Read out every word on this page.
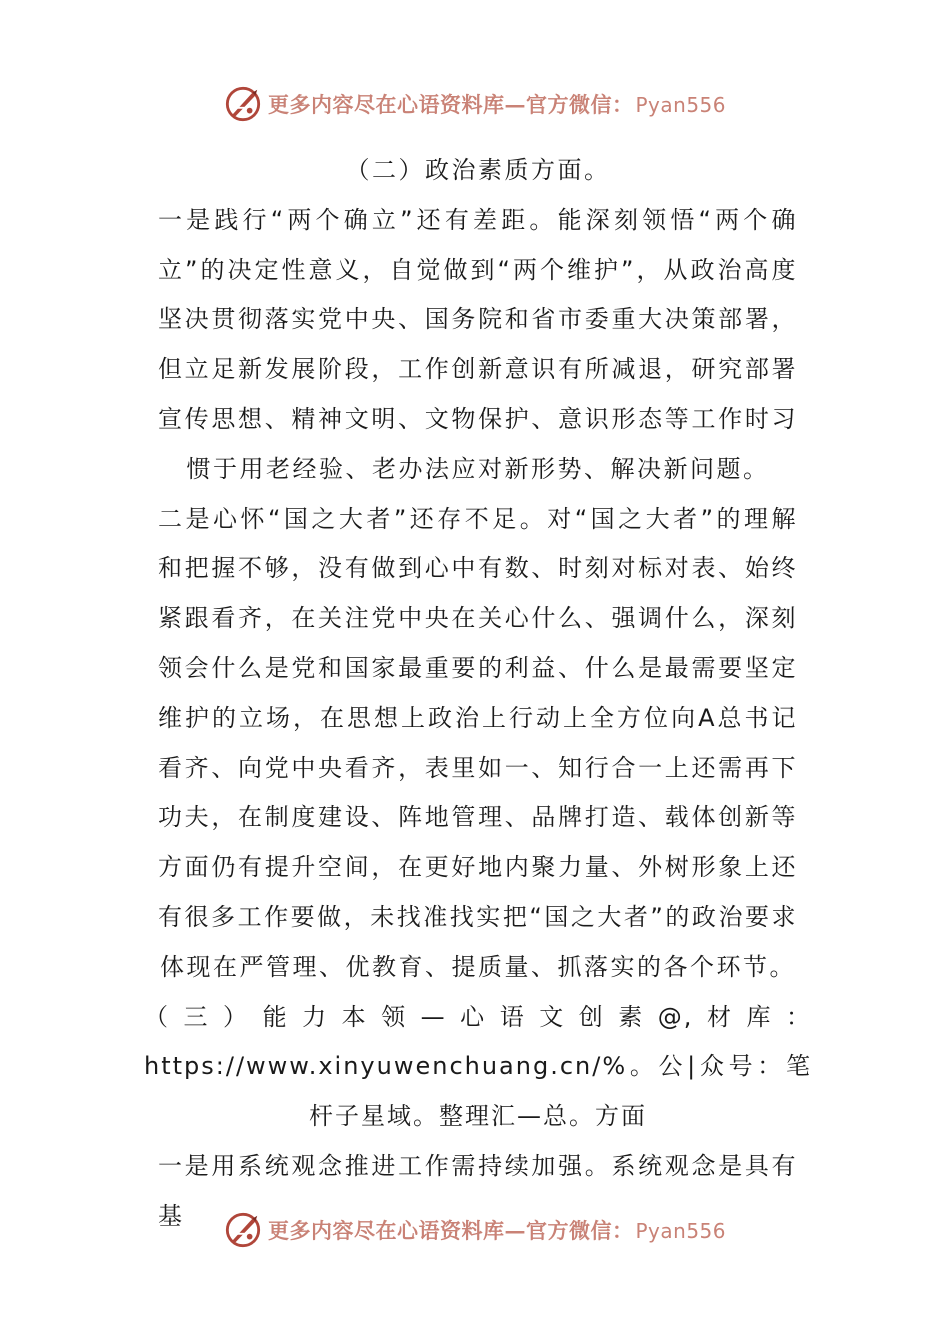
更多内容尽在心语资料库—官方微信： Pyan556

（二）政治素质方面。

一是践行“两个确立”还有差距。能深刻领悟“两个确立”的决定性意义，自觉做到“两个维护”，从政治高度坚决贯彻落实党中央、国务院和省市委重大决策部署，但立足新发展阶段，工作创新意识有所减退，研究部署宣传思想、精神文明、文物保护、意识形态等工作时习惯于用老经验、老办法应对新形势、解决新问题。

二是心怀“国之大者”还存不足。对“国之大者”的理解和把握不够，没有做到心中有数、时刻对标对表、始终紧跟看齐，在关注党中央在关心什么、强调什么，深刻领会什么是党和国家最重要的利益、什么是最需要坚定维护的立场，在思想上政治上行动上全方位向A总书记看齐、向党中央看齐，表里如一、知行合一上还需再下功夫，在制度建设、阵地管理、品牌打造、载体创新等方面仍有提升空间，在更好地内聚力量、外树形象上还有很多工作要做，未找准找实把“国之大者”的政治要求体现在严管理、优教育、提质量、抓落实的各个环节。

（三）能力本领—心语文创素@,材库：https://www.xinyuwenchuang.cn/%。公|众号：笔杆子星域。整理汇—总。方面

一是用系统观念推进工作需持续加强。系统观念是具有基

更多内容尽在心语资料库—官方微信： Pyan556
